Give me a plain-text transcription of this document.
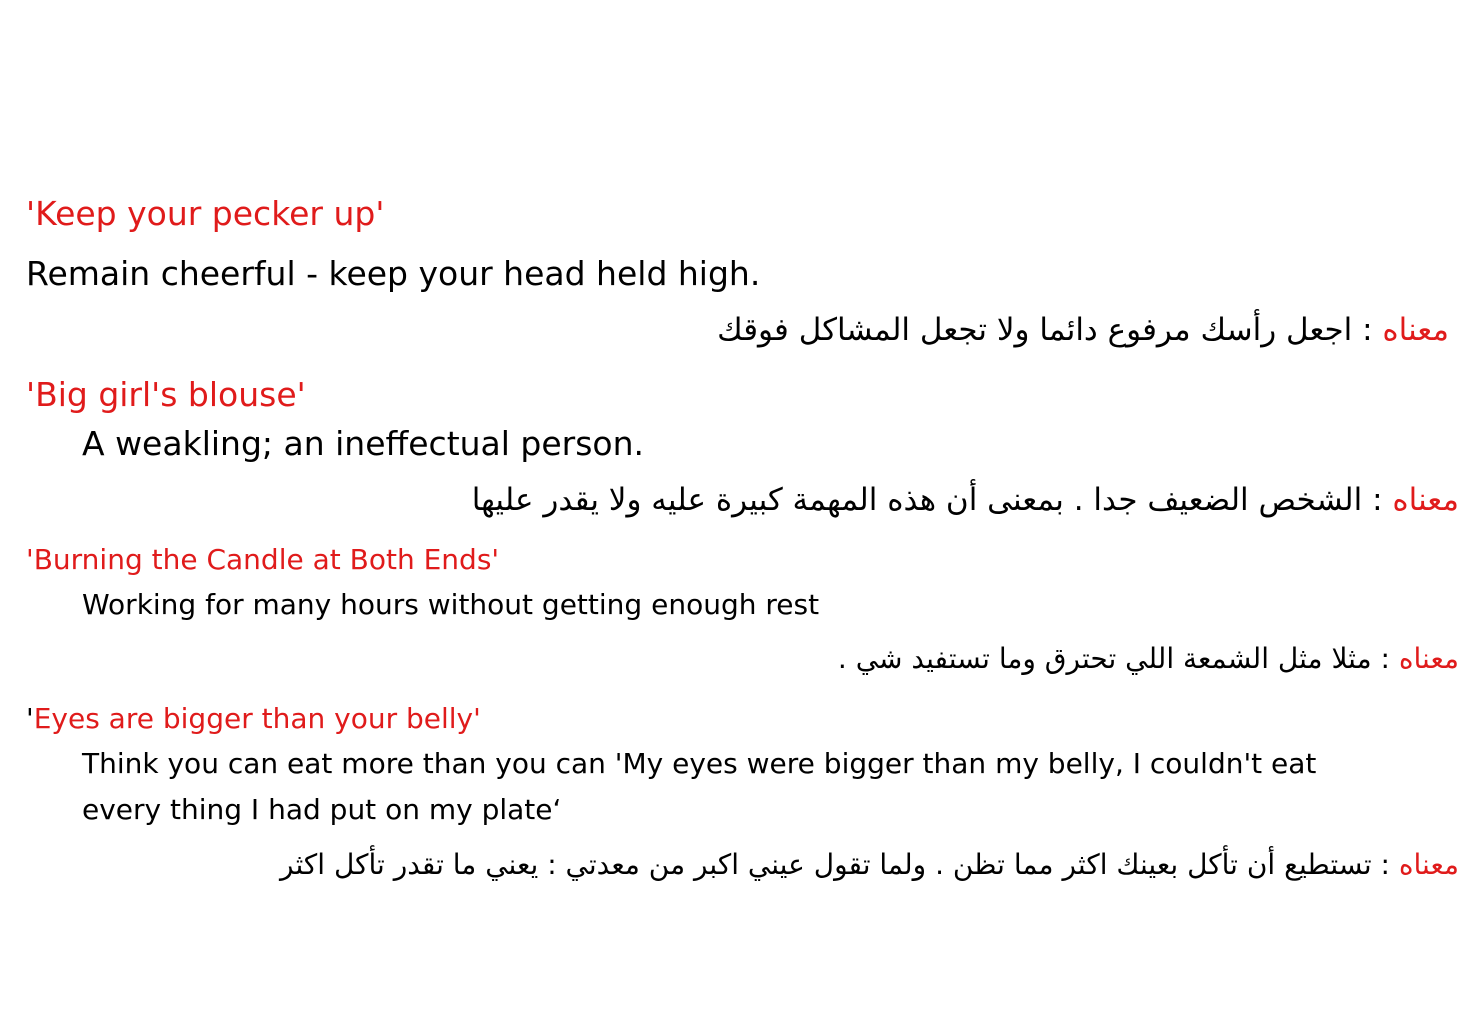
'Keep your pecker up'
Remain cheerful - keep your head held high.
معناه : اجعل رأسك مرفوع دائما ولا تجعل المشاكل فوقك
'Big girl's blouse'
A weakling; an ineffectual person.
معناه : الشخص الضعيف جدا . بمعنى أن هذه المهمة كبيرة عليه ولا يقدر عليها
'Burning the Candle at Both Ends'
Working for many hours without getting enough rest
معناه : مثلا مثل الشمعة اللي تحترق وما تستفيد شي .
'Eyes are bigger than your belly'
Think you can eat more than you can 'My eyes were bigger than my belly, I couldn't eat
every thing I had put on my plate‘
معناه : تستطيع أن تأكل بعينك اكثر مما تظن . ولما تقول عيني اكبر من معدتي : يعني ما تقدر تأكل اكثر
